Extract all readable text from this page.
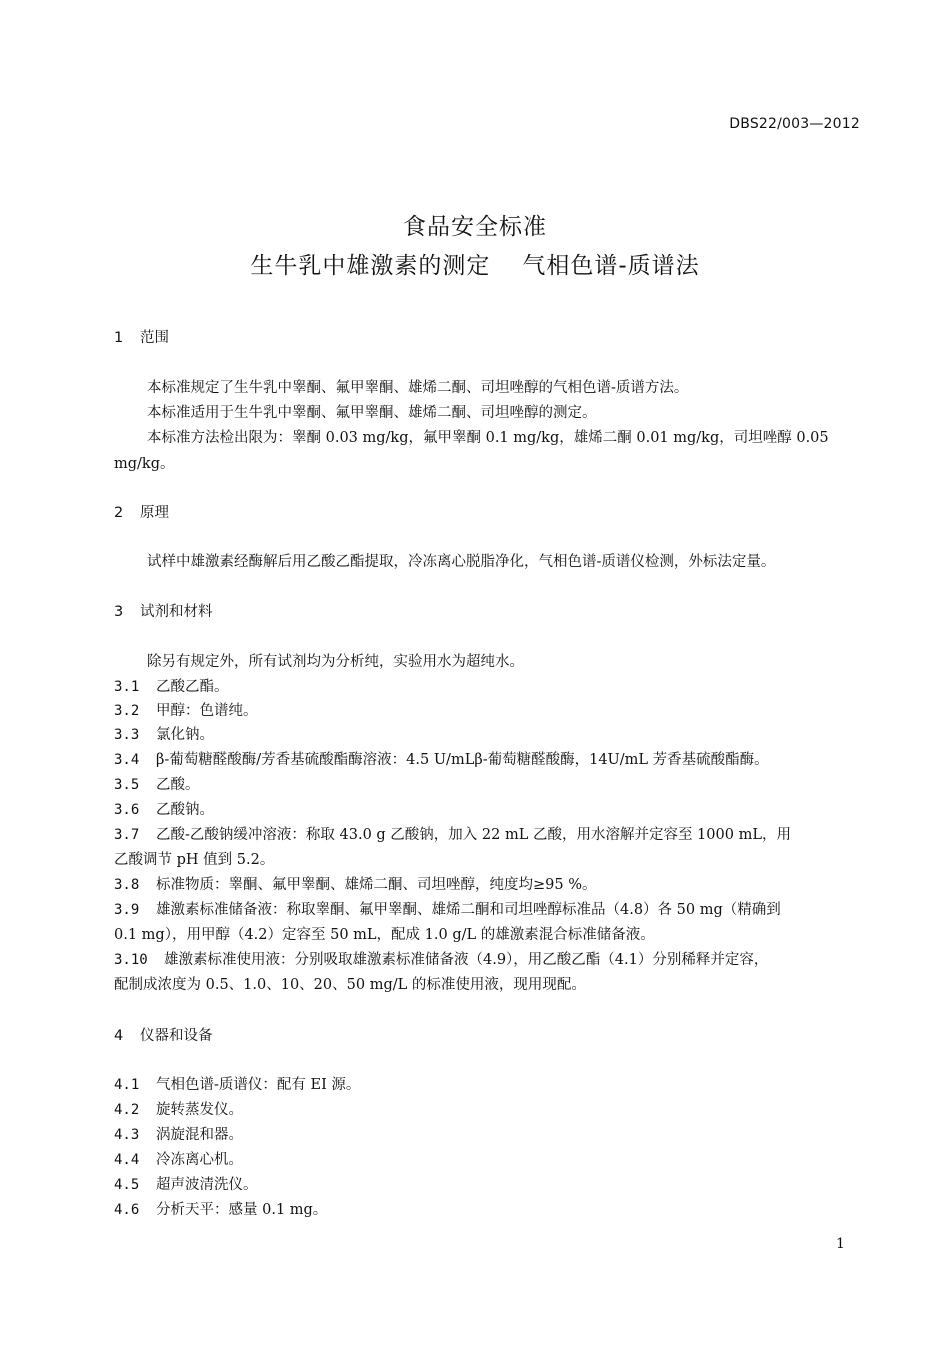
DBS22/003—2012
食品安全标准
生牛乳中雄激素的测定 气相色谱-质谱法
1 范围
本标准规定了生牛乳中睾酮、氟甲睾酮、雄烯二酮、司坦唑醇的气相色谱-质谱方法。
本标准适用于生牛乳中睾酮、氟甲睾酮、雄烯二酮、司坦唑醇的测定。
本标准方法检出限为：睾酮 0.03 mg/kg，氟甲睾酮 0.1 mg/kg，雄烯二酮 0.01 mg/kg，司坦唑醇 0.05
mg/kg。
2 原理
试样中雄激素经酶解后用乙酸乙酯提取，冷冻离心脱脂净化，气相色谱-质谱仪检测，外标法定量。
3 试剂和材料
除另有规定外，所有试剂均为分析纯，实验用水为超纯水。
3.1 乙酸乙酯。
3.2 甲醇：色谱纯。
3.3 氯化钠。
3.4 β-葡萄糖醛酸酶/芳香基硫酸酯酶溶液：4.5 U/mLβ-葡萄糖醛酸酶，14U/mL 芳香基硫酸酯酶。
3.5 乙酸。
3.6 乙酸钠。
3.7 乙酸-乙酸钠缓冲溶液：称取 43.0 g 乙酸钠，加入 22 mL 乙酸，用水溶解并定容至 1000 mL，用
乙酸调节 pH 值到 5.2。
3.8 标准物质：睾酮、氟甲睾酮、雄烯二酮、司坦唑醇，纯度均≥95 %。
3.9 雄激素标准储备液：称取睾酮、氟甲睾酮、雄烯二酮和司坦唑醇标准品（4.8）各 50 mg（精确到
0.1 mg），用甲醇（4.2）定容至 50 mL，配成 1.0 g/L 的雄激素混合标准储备液。
3.10 雄激素标准使用液：分别吸取雄激素标准储备液（4.9），用乙酸乙酯（4.1）分别稀释并定容，
配制成浓度为 0.5、1.0、10、20、50 mg/L 的标准使用液，现用现配。
4 仪器和设备
4.1 气相色谱-质谱仪：配有 EI 源。
4.2 旋转蒸发仪。
4.3 涡旋混和器。
4.4 冷冻离心机。
4.5 超声波清洗仪。
4.6 分析天平：感量 0.1 mg。
1
